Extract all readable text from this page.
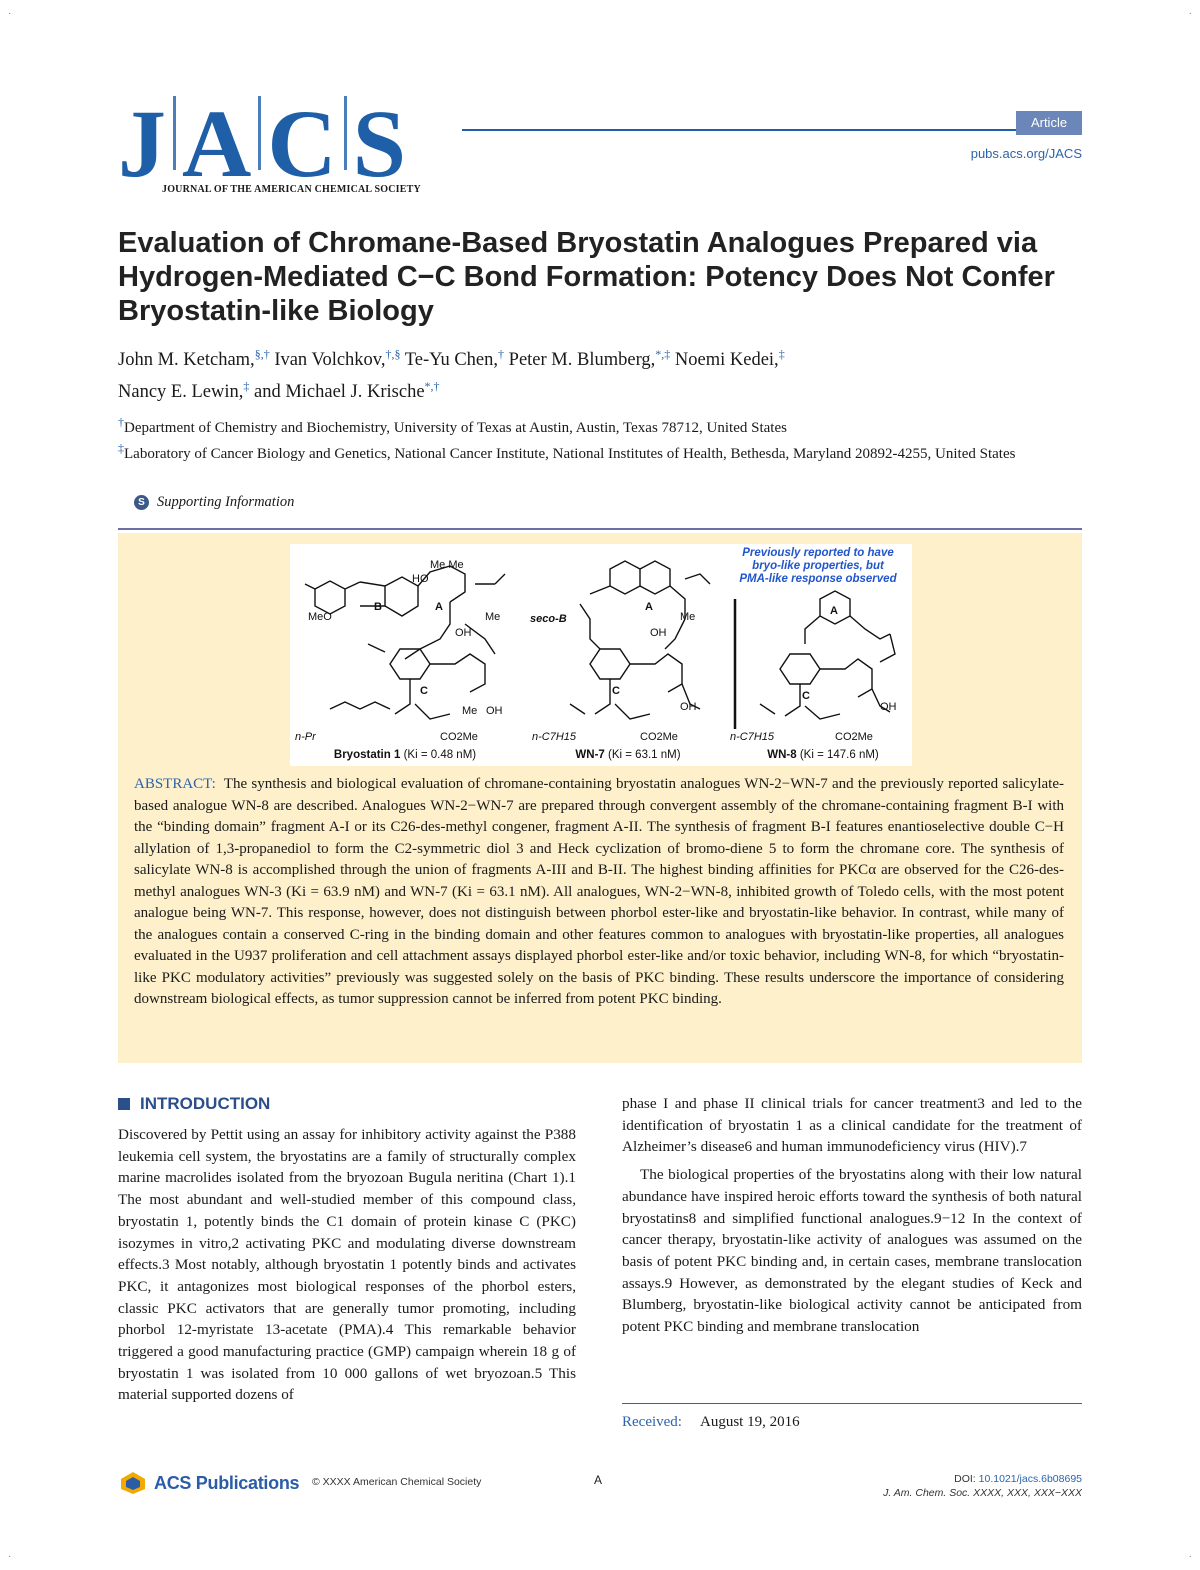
·	·
·	·
J A C S
JOURNAL OF THE AMERICAN CHEMICAL SOCIETY
Article
pubs.acs.org/JACS
Evaluation of Chromane-Based Bryostatin Analogues Prepared via Hydrogen-Mediated C−C Bond Formation: Potency Does Not Confer Bryostatin-like Biology
John M. Ketcham,§,† Ivan Volchkov,†,§ Te-Yu Chen,† Peter M. Blumberg,*,‡ Noemi Kedei,‡
Nancy E. Lewin,‡ and Michael J. Krische*,†
†Department of Chemistry and Biochemistry, University of Texas at Austin, Austin, Texas 78712, United States
‡Laboratory of Cancer Biology and Genetics, National Cancer Institute, National Institutes of Health, Bethesda, Maryland 20892-4255, United States
S Supporting Information
Me Me
HO
MeO
B	A
C
OH
Me
Me OH
n-Pr	CO2Me
seco-B
A
OH
Me
C
OH
n-C7H15	CO2Me
A
C
OH
n-C7H15	CO2Me
Previously reported to have
bryo-like properties, but
PMA-like response observed
Bryostatin 1 (Ki = 0.48 nM)	WN-7 (Ki = 63.1 nM)	WN-8 (Ki = 147.6 nM)

ABSTRACT: The synthesis and biological evaluation of chromane-containing bryostatin analogues WN-2−WN-7 and the previously reported salicylate-based analogue WN-8 are described. Analogues WN-2−WN-7 are prepared through convergent assembly of the chromane-containing fragment B-I with the “binding domain” fragment A-I or its C26-des-methyl congener, fragment A-II. The synthesis of fragment B-I features enantioselective double C−H allylation of 1,3-propanediol to form the C2-symmetric diol 3 and Heck cyclization of bromo-diene 5 to form the chromane core. The synthesis of salicylate WN-8 is accomplished through the union of fragments A-III and B-II. The highest binding affinities for PKCα are observed for the C26-des-methyl analogues WN-3 (Ki = 63.9 nM) and WN-7 (Ki = 63.1 nM). All analogues, WN-2−WN-8, inhibited growth of Toledo cells, with the most potent analogue being WN-7. This response, however, does not distinguish between phorbol ester-like and bryostatin-like behavior. In contrast, while many of the analogues contain a conserved C-ring in the binding domain and other features common to analogues with bryostatin-like properties, all analogues evaluated in the U937 proliferation and cell attachment assays displayed phorbol ester-like and/or toxic behavior, including WN-8, for which “bryostatin-like PKC modulatory activities” previously was suggested solely on the basis of PKC binding. These results underscore the importance of considering downstream biological effects, as tumor suppression cannot be inferred from potent PKC binding.

INTRODUCTION

Discovered by Pettit using an assay for inhibitory activity against the P388 leukemia cell system, the bryostatins are a family of structurally complex marine macrolides isolated from the bryozoan Bugula neritina (Chart 1).1 The most abundant and well-studied member of this compound class, bryostatin 1, potently binds the C1 domain of protein kinase C (PKC) isozymes in vitro,2 activating PKC and modulating diverse downstream effects.3 Most notably, although bryostatin 1 potently binds and activates PKC, it antagonizes most biological responses of the phorbol esters, classic PKC activators that are generally tumor promoting, including phorbol 12-myristate 13-acetate (PMA).4 This remarkable behavior triggered a good manufacturing practice (GMP) campaign wherein 18 g of bryostatin 1 was isolated from 10 000 gallons of wet bryozoan.5 This material supported dozens of

phase I and phase II clinical trials for cancer treatment3 and led to the identification of bryostatin 1 as a clinical candidate for the treatment of Alzheimer’s disease6 and human immunodeficiency virus (HIV).7

The biological properties of the bryostatins along with their low natural abundance have inspired heroic efforts toward the synthesis of both natural bryostatins8 and simplified functional analogues.9−12 In the context of cancer therapy, bryostatin-like activity of analogues was assumed on the basis of potent PKC binding and, in certain cases, membrane translocation assays.9 However, as demonstrated by the elegant studies of Keck and Blumberg, bryostatin-like biological activity cannot be anticipated from potent PKC binding and membrane translocation

Received: August 19, 2016
ACS Publications © XXXX American Chemical Society	A	DOI: 10.1021/jacs.6b08695
J. Am. Chem. Soc. XXXX, XXX, XXX−XXX
